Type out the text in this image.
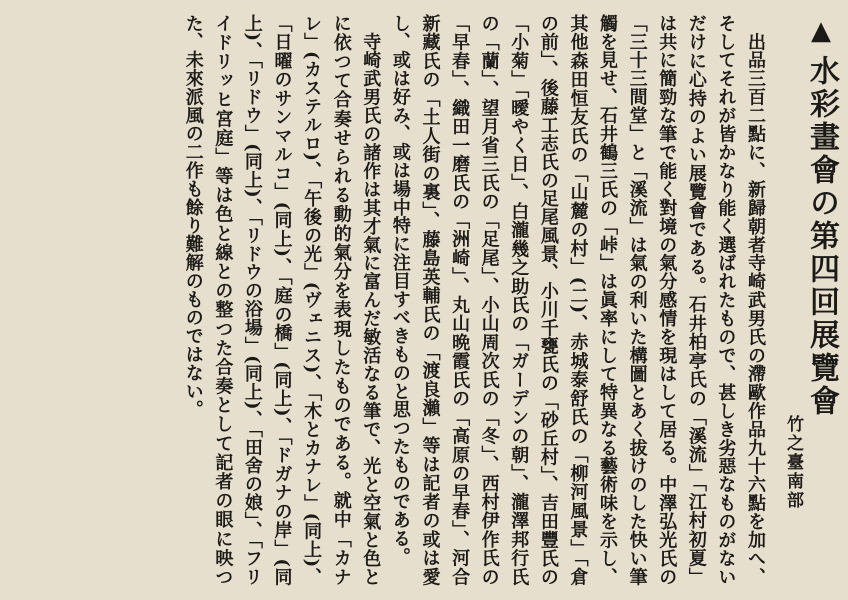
▲水彩畫會の第四回展覽會
竹之臺南部

　出品三百二點に、新歸朝者寺崎武男氏の滯歐作品九十六點を加へ、そしてそれが皆かなり能く選ばれたもので、甚しき劣惡なものがないだけに心持のよい展覽會である。石井柏亭氏の「溪流」「江村初夏」は共に簡勁な筆で能く對境の氣分感情を現はして居る。中澤弘光氏の「三十三間堂」と「溪流」は氣の利いた構圖とあく拔けのした快い筆觸を見せ、石井鶴三氏の「峠」は眞率にして特異なる藝術味を示し、其他森田恒友氏の「山麓の村」(二)、赤城泰舒氏の「柳河風景」「倉の前」、後藤工志氏の足尾風景、小川千甕氏の「砂丘村」、吉田豐氏の「小菊」「曖やく日」、白瀧幾之助氏の「ガーデンの朝」、瀧澤邦行氏の「蘭」、望月省三氏の「足尾」、小山周次氏の「冬」、西村伊作氏の「早春」、織田一磨氏の「洲崎」、丸山晩霞氏の「高原の早春」、河合新藏氏の「土人街の裏」、藤島英輔氏の「渡良瀨」等は記者の或は愛し、或は好み、或は場中特に注目すべきものと思つたものである。

　寺崎武男氏の諸作は其才氣に富んだ敏活なる筆で、光と空氣と色とに依つて合奏せられる動的氣分を表現したものである。就中「カナレ」(カステルロ)、「午後の光」(ヴェニス)、「木とカナレ」(同上)、「日曜のサンマルコ」(同上)、「庭の橋」(同上)、「ドガナの岸」(同上)、「リドウ」(同上)、「リドウの浴場」(同上)、「田舍の娘」、「フリイドリッヒ宮庭」等は色と線との整つた合奏として記者の眼に映つた、未來派風の二作も餘り難解のものではない。
